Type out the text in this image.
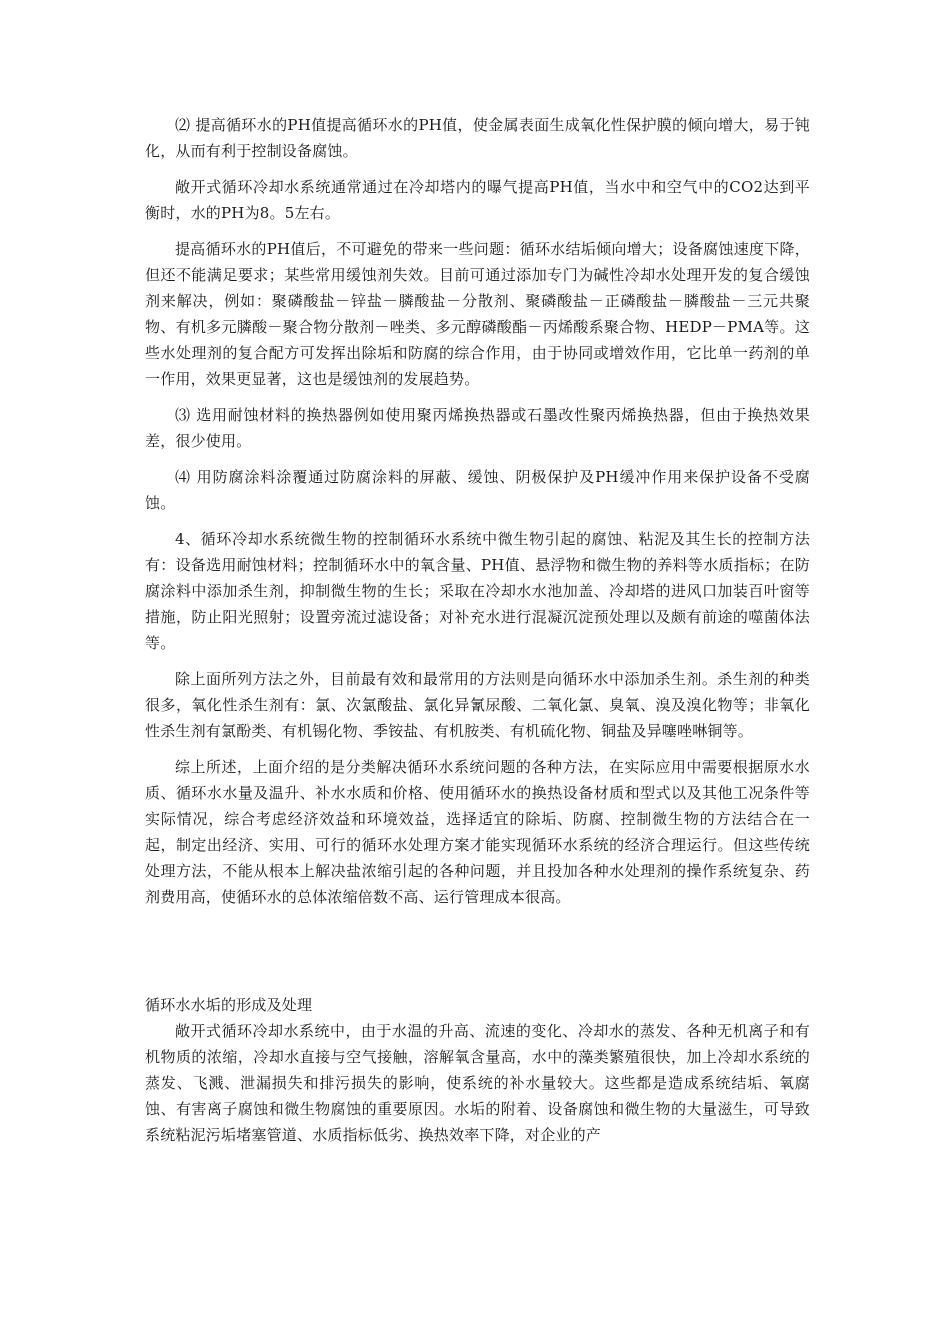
⑵ 提高循环水的PH值提高循环水的PH值，使金属表面生成氧化性保护膜的倾向增大，易于钝化，从而有利于控制设备腐蚀。

敞开式循环冷却水系统通常通过在冷却塔内的曝气提高PH值，当水中和空气中的CO2达到平衡时，水的PH为8。5左右。

提高循环水的PH值后，不可避免的带来一些问题：循环水结垢倾向增大；设备腐蚀速度下降，但还不能满足要求；某些常用缓蚀剂失效。目前可通过添加专门为碱性冷却水处理开发的复合缓蚀剂来解决，例如：聚磷酸盐－锌盐－膦酸盐－分散剂、聚磷酸盐－正磷酸盐－膦酸盐－三元共聚物、有机多元膦酸－聚合物分散剂－唑类、多元醇磷酸酯－丙烯酸系聚合物、HEDP－PMA等。这些水处理剂的复合配方可发挥出除垢和防腐的综合作用，由于协同或增效作用，它比单一药剂的单一作用，效果更显著，这也是缓蚀剂的发展趋势。

⑶ 选用耐蚀材料的换热器例如使用聚丙烯换热器或石墨改性聚丙烯换热器，但由于换热效果差，很少使用。

⑷ 用防腐涂料涂覆通过防腐涂料的屏蔽、缓蚀、阴极保护及PH缓冲作用来保护设备不受腐蚀。

4、循环冷却水系统微生物的控制循环水系统中微生物引起的腐蚀、粘泥及其生长的控制方法有：设备选用耐蚀材料；控制循环水中的氧含量、PH值、悬浮物和微生物的养料等水质指标；在防腐涂料中添加杀生剂，抑制微生物的生长；采取在冷却水水池加盖、冷却塔的进风口加装百叶窗等措施，防止阳光照射；设置旁流过滤设备；对补充水进行混凝沉淀预处理以及颇有前途的噬菌体法等。

除上面所列方法之外，目前最有效和最常用的方法则是向循环水中添加杀生剂。杀生剂的种类很多，氧化性杀生剂有：氯、次氯酸盐、氯化异氰尿酸、二氧化氯、臭氧、溴及溴化物等；非氧化性杀生剂有氯酚类、有机锡化物、季铵盐、有机胺类、有机硫化物、铜盐及异噻唑啉铜等。

综上所述，上面介绍的是分类解决循环水系统问题的各种方法，在实际应用中需要根据原水水质、循环水水量及温升、补水水质和价格、使用循环水的换热设备材质和型式以及其他工况条件等实际情况，综合考虑经济效益和环境效益，选择适宜的除垢、防腐、控制微生物的方法结合在一起，制定出经济、实用、可行的循环水处理方案才能实现循环水系统的经济合理运行。但这些传统处理方法，不能从根本上解决盐浓缩引起的各种问题，并且投加各种水处理剂的操作系统复杂、药剂费用高，使循环水的总体浓缩倍数不高、运行管理成本很高。

循环水水垢的形成及处理

敞开式循环冷却水系统中，由于水温的升高、流速的变化、冷却水的蒸发、各种无机离子和有机物质的浓缩，冷却水直接与空气接触，溶解氧含量高，水中的藻类繁殖很快，加上冷却水系统的蒸发、飞溅、泄漏损失和排污损失的影响，使系统的补水量较大。这些都是造成系统结垢、氧腐蚀、有害离子腐蚀和微生物腐蚀的重要原因。水垢的附着、设备腐蚀和微生物的大量滋生，可导致系统粘泥污垢堵塞管道、水质指标低劣、换热效率下降，对企业的产
